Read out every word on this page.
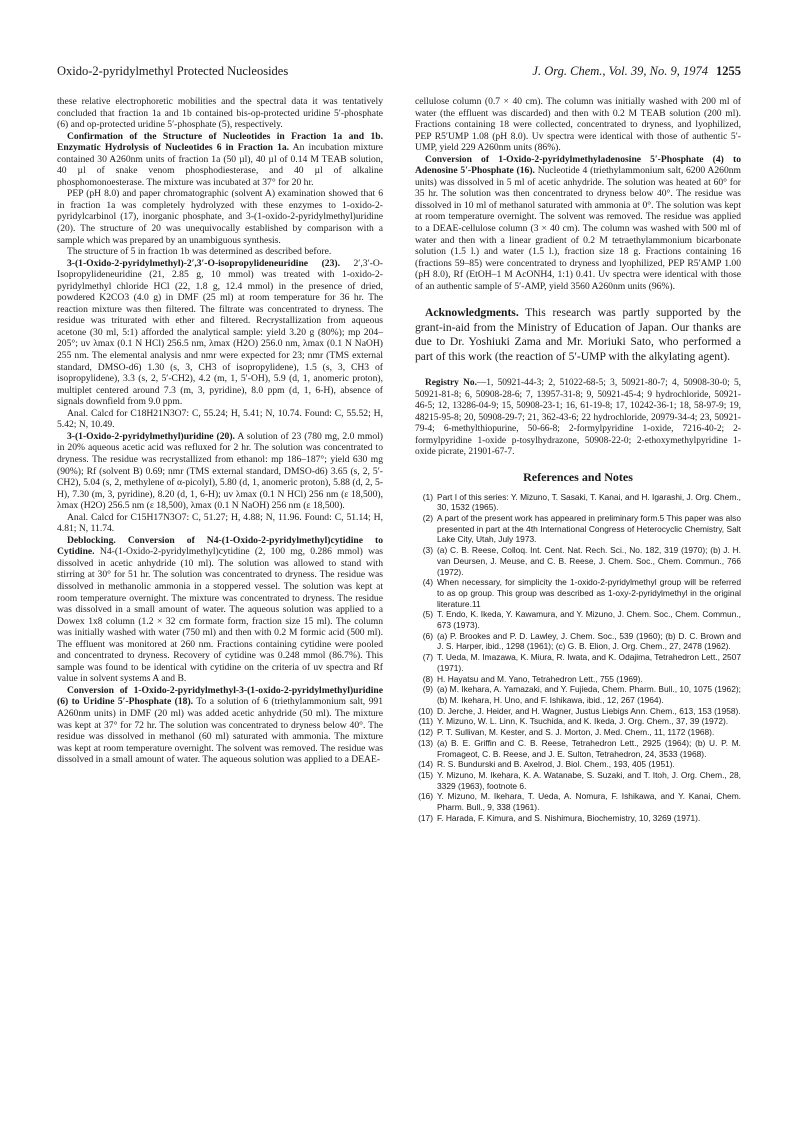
Oxido-2-pyridylmethyl Protected Nucleosides	J. Org. Chem., Vol. 39, No. 9, 1974 1255

these relative electrophoretic mobilities and the spectral data it was tentatively concluded that fraction 1a and 1b contained bis-op-protected uridine 5′-phosphate (6) and op-protected uridine 5′-phosphate (5), respectively.

Confirmation of the Structure of Nucleotides in Fraction 1a and 1b. Enzymatic Hydrolysis of Nucleotides 6 in Fraction 1a. An incubation mixture contained 30 A260nm units of fraction 1a (50 µl), 40 µl of 0.14 M TEAB solution, 40 µl of snake venom phosphodiesterase, and 40 µl of alkaline phosphomonoesterase. The mixture was incubated at 37° for 20 hr.

PEP (pH 8.0) and paper chromatographic (solvent A) examination showed that 6 in fraction 1a was completely hydrolyzed with these enzymes to 1-oxido-2-pyridylcarbinol (17), inorganic phosphate, and 3-(1-oxido-2-pyridylmethyl)uridine (20). The structure of 20 was unequivocally established by comparison with a sample which was prepared by an unambiguous synthesis.

The structure of 5 in fraction 1b was determined as described before.

3-(1-Oxido-2-pyridylmethyl)-2′,3′-O-isopropylideneuridine (23). 2′,3′-O-Isopropylideneuridine (21, 2.85 g, 10 mmol) was treated with 1-oxido-2-pyridylmethyl chloride HCl (22, 1.8 g, 12.4 mmol) in the presence of dried, powdered K2CO3 (4.0 g) in DMF (25 ml) at room temperature for 36 hr. The reaction mixture was then filtered. The filtrate was concentrated to dryness. The residue was triturated with ether and filtered. Recrystallization from aqueous acetone (30 ml, 5:1) afforded the analytical sample: yield 3.20 g (80%); mp 204–205°; uv λmax (0.1 N HCl) 256.5 nm, λmax (H2O) 256.0 nm, λmax (0.1 N NaOH) 255 nm. The elemental analysis and nmr were expected for 23; nmr (TMS external standard, DMSO-d6) 1.30 (s, 3, CH3 of isopropylidene), 1.5 (s, 3, CH3 of isopropylidene), 3.3 (s, 2, 5′-CH2), 4.2 (m, 1, 5′-OH), 5.9 (d, 1, anomeric proton), multiplet centered around 7.3 (m, 3, pyridine), 8.0 ppm (d, 1, 6-H), absence of signals downfield from 9.0 ppm.

Anal. Calcd for C18H21N3O7: C, 55.24; H, 5.41; N, 10.74. Found: C, 55.52; H, 5.42; N, 10.49.

3-(1-Oxido-2-pyridylmethyl)uridine (20). A solution of 23 (780 mg, 2.0 mmol) in 20% aqueous acetic acid was refluxed for 2 hr. The solution was concentrated to dryness. The residue was recrystallized from ethanol: mp 186–187°; yield 630 mg (90%); Rf (solvent B) 0.69; nmr (TMS external standard, DMSO-d6) 3.65 (s, 2, 5′-CH2), 5.04 (s, 2, methylene of α-picolyl), 5.80 (d, 1, anomeric proton), 5.88 (d, 2, 5-H), 7.30 (m, 3, pyridine), 8.20 (d, 1, 6-H); uv λmax (0.1 N HCl) 256 nm (ε 18,500), λmax (H2O) 256.5 nm (ε 18,500), λmax (0.1 N NaOH) 256 nm (ε 18,500).

Anal. Calcd for C15H17N3O7: C, 51.27; H, 4.88; N, 11.96. Found: C, 51.14; H, 4.81; N, 11.74.

Deblocking. Conversion of N4-(1-Oxido-2-pyridylmethyl)cytidine to Cytidine. N4-(1-Oxido-2-pyridylmethyl)cytidine (2, 100 mg, 0.286 mmol) was dissolved in acetic anhydride (10 ml). The solution was allowed to stand with stirring at 30° for 51 hr. The solution was concentrated to dryness. The residue was dissolved in methanolic ammonia in a stoppered vessel. The solution was kept at room temperature overnight. The mixture was concentrated to dryness. The residue was dissolved in a small amount of water. The aqueous solution was applied to a Dowex 1x8 column (1.2 × 32 cm formate form, fraction size 15 ml). The column was initially washed with water (750 ml) and then with 0.2 M formic acid (500 ml). The effluent was monitored at 260 nm. Fractions containing cytidine were pooled and concentrated to dryness. Recovery of cytidine was 0.248 mmol (86.7%). This sample was found to be identical with cytidine on the criteria of uv spectra and Rf value in solvent systems A and B.

Conversion of 1-Oxido-2-pyridylmethyl-3-(1-oxido-2-pyridylmethyl)uridine (6) to Uridine 5′-Phosphate (18). To a solution of 6 (triethylammonium salt, 991 A260nm units) in DMF (20 ml) was added acetic anhydride (50 ml). The mixture was kept at 37° for 72 hr. The solution was concentrated to dryness below 40°. The residue was dissolved in methanol (60 ml) saturated with ammonia. The mixture was kept at room temperature overnight. The solvent was removed. The residue was dissolved in a small amount of water. The aqueous solution was applied to a DEAE-

cellulose column (0.7 × 40 cm). The column was initially washed with 200 ml of water (the effluent was discarded) and then with 0.2 M TEAB solution (200 ml). Fractions containing 18 were collected, concentrated to dryness, and lyophilized, PEP R5′UMP 1.08 (pH 8.0). Uv spectra were identical with those of authentic 5′-UMP, yield 229 A260nm units (86%).

Conversion of 1-Oxido-2-pyridylmethyladenosine 5′-Phosphate (4) to Adenosine 5′-Phosphate (16). Nucleotide 4 (triethylammonium salt, 6200 A260nm units) was dissolved in 5 ml of acetic anhydride. The solution was heated at 60° for 35 hr. The solution was then concentrated to dryness below 40°. The residue was dissolved in 10 ml of methanol saturated with ammonia at 0°. The solution was kept at room temperature overnight. The solvent was removed. The residue was applied to a DEAE-cellulose column (3 × 40 cm). The column was washed with 500 ml of water and then with a linear gradient of 0.2 M tetraethylammonium bicarbonate solution (1.5 l.) and water (1.5 l.), fraction size 18 g. Fractions containing 16 (fractions 59–85) were concentrated to dryness and lyophilized, PEP R5′AMP 1.00 (pH 8.0), Rf (EtOH–1 M AcONH4, 1:1) 0.41. Uv spectra were identical with those of an authentic sample of 5′-AMP, yield 3560 A260nm units (96%).

Acknowledgments. This research was partly supported by the grant-in-aid from the Ministry of Education of Japan. Our thanks are due to Dr. Yoshiuki Zama and Mr. Moriuki Sato, who performed a part of this work (the reaction of 5′-UMP with the alkylating agent).

Registry No.—1, 50921-44-3; 2, 51022-68-5; 3, 50921-80-7; 4, 50908-30-0; 5, 50921-81-8; 6, 50908-28-6; 7, 13957-31-8; 9, 50921-45-4; 9 hydrochloride, 50921-46-5; 12, 13286-04-9; 15, 50908-23-1; 16, 61-19-8; 17, 10242-36-1; 18, 58-97-9; 19, 48215-95-8; 20, 50908-29-7; 21, 362-43-6; 22 hydrochloride, 20979-34-4; 23, 50921-79-4; 6-methylthiopurine, 50-66-8; 2-formylpyridine 1-oxide, 7216-40-2; 2-formylpyridine 1-oxide p-tosylhydrazone, 50908-22-0; 2-ethoxymethylpyridine 1-oxide picrate, 21901-67-7.

References and Notes
(1) Part I of this series: Y. Mizuno, T. Sasaki, T. Kanai, and H. Igarashi, J. Org. Chem., 30, 1532 (1965).
(2) A part of the present work has appeared in preliminary form.5 This paper was also presented in part at the 4th International Congress of Heterocyclic Chemistry, Salt Lake City, Utah, July 1973.
(3) (a) C. B. Reese, Colloq. Int. Cent. Nat. Rech. Sci., No. 182, 319 (1970); (b) J. H. van Deursen, J. Meuse, and C. B. Reese, J. Chem. Soc., Chem. Commun., 766 (1972).
(4) When necessary, for simplicity the 1-oxido-2-pyridylmethyl group will be referred to as op group. This group was described as 1-oxy-2-pyridylmethyl in the original literature.11
(5) T. Endo, K. Ikeda, Y. Kawamura, and Y. Mizuno, J. Chem. Soc., Chem. Commun., 673 (1973).
(6) (a) P. Brookes and P. D. Lawley, J. Chem. Soc., 539 (1960); (b) D. C. Brown and J. S. Harper, ibid., 1298 (1961); (c) G. B. Elion, J. Org. Chem., 27, 2478 (1962).
(7) T. Ueda, M. Imazawa, K. Miura, R. Iwata, and K. Odajima, Tetrahedron Lett., 2507 (1971).
(8) H. Hayatsu and M. Yano, Tetrahedron Lett., 755 (1969).
(9) (a) M. Ikehara, A. Yamazaki, and Y. Fujieda, Chem. Pharm. Bull., 10, 1075 (1962); (b) M. Ikehara, H. Uno, and F. Ishikawa, ibid., 12, 267 (1964).
(10) D. Jerche, J. Heider, and H. Wagner, Justus Liebigs Ann. Chem., 613, 153 (1958).
(11) Y. Mizuno, W. L. Linn, K. Tsuchida, and K. Ikeda, J. Org. Chem., 37, 39 (1972).
(12) P. T. Sullivan, M. Kester, and S. J. Morton, J. Med. Chem., 11, 1172 (1968).
(13) (a) B. E. Griffin and C. B. Reese, Tetrahedron Lett., 2925 (1964); (b) U. P. M. Fromageot, C. B. Reese, and J. E. Sulton, Tetrahedron, 24, 3533 (1968).
(14) R. S. Bundurski and B. Axelrod, J. Biol. Chem., 193, 405 (1951).
(15) Y. Mizuno, M. Ikehara, K. A. Watanabe, S. Suzaki, and T. Itoh, J. Org. Chem., 28, 3329 (1963), footnote 6.
(16) Y. Mizuno, M. Ikehara, T. Ueda, A. Nomura, F. Ishikawa, and Y. Kanai, Chem. Pharm. Bull., 9, 338 (1961).
(17) F. Harada, F. Kimura, and S. Nishimura, Biochemistry, 10, 3269 (1971).
